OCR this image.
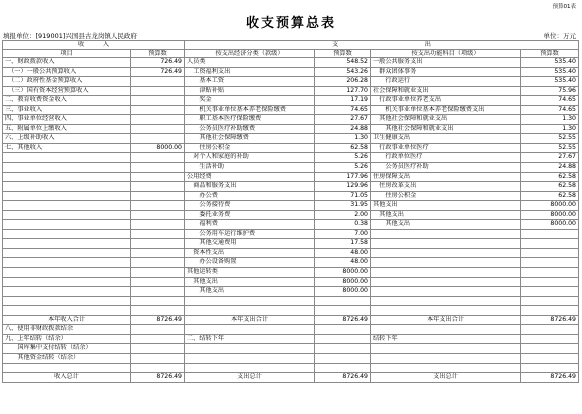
预算01表
收支预算总表
填报单位：[919001]兴国县古龙岗镇人民政府	单位：万元
收　　　入		支　　　　　　　　　　　　　　出			
项目	预算数	按支出经济分类（款级）	预算数	按支出功能科目（项级）	预算数
一、财政拨款收入	726.49	人员类	548.52	一般公共服务支出	535.40
　（一）一般公共预算收入	726.49	　工资福利支出	543.26	　群众团体事务	535.40
　（二）政府性基金预算收入		　　基本工资	206.28	　　行政运行	535.40
　（三）国有资本经营预算收入		　　津贴补贴	127.70	社会保障和就业支出	75.96
二、教育收费资金收入		　　奖金	17.19	　行政事业单位养老支出	74.65
三、事业收入		　　机关事业单位基本养老保险缴费	74.65	　　机关事业单位基本养老保险缴费支出	74.65
四、事业单位经营收入		　　职工基本医疗保险缴费	27.67	　其他社会保障和就业支出	1.30
五、附属单位上缴收入		　　公务员医疗补助缴费	24.88	　　其他社会保障和就业支出	1.30
六、上级补助收入		　　其他社会保障缴费	1.30	卫生健康支出	52.55
七、其他收入	8000.00	　　住房公积金	62.58	　行政事业单位医疗	52.55
		　对个人和家庭的补助	5.26	　　行政单位医疗	27.67
		　　生活补助	5.26	　　公务员医疗补助	24.88
		公用经费	177.96	住房保障支出	62.58
		　商品和服务支出	129.96	　住房改革支出	62.58
		　　办公费	71.05	　　住房公积金	62.58
		　　公务接待费	31.95	其他支出	8000.00
		　　委托业务费	2.00	　其他支出	8000.00
		　　福利费	0.38	　　其他支出	8000.00
		　　公务用车运行维护费	7.00		
		　　其他交通费用	17.58		
		　资本性支出	48.00		
		　　办公设备购置	48.00		
		其他运转类	8000.00		
		　其他支出	8000.00		
		　　其他支出	8000.00		

本年收入合计	8726.49	本年支出合计	8726.49	本年支出合计	8726.49
八、使用非财政拨款结余					
九、上年结转（结余）		二、结转下年		结转下年	
　　国库集中支付结转（结余）					
　　其他资金结转（结余）					

收入总计	8726.49	支出总计	8726.49	支出总计	8726.49
